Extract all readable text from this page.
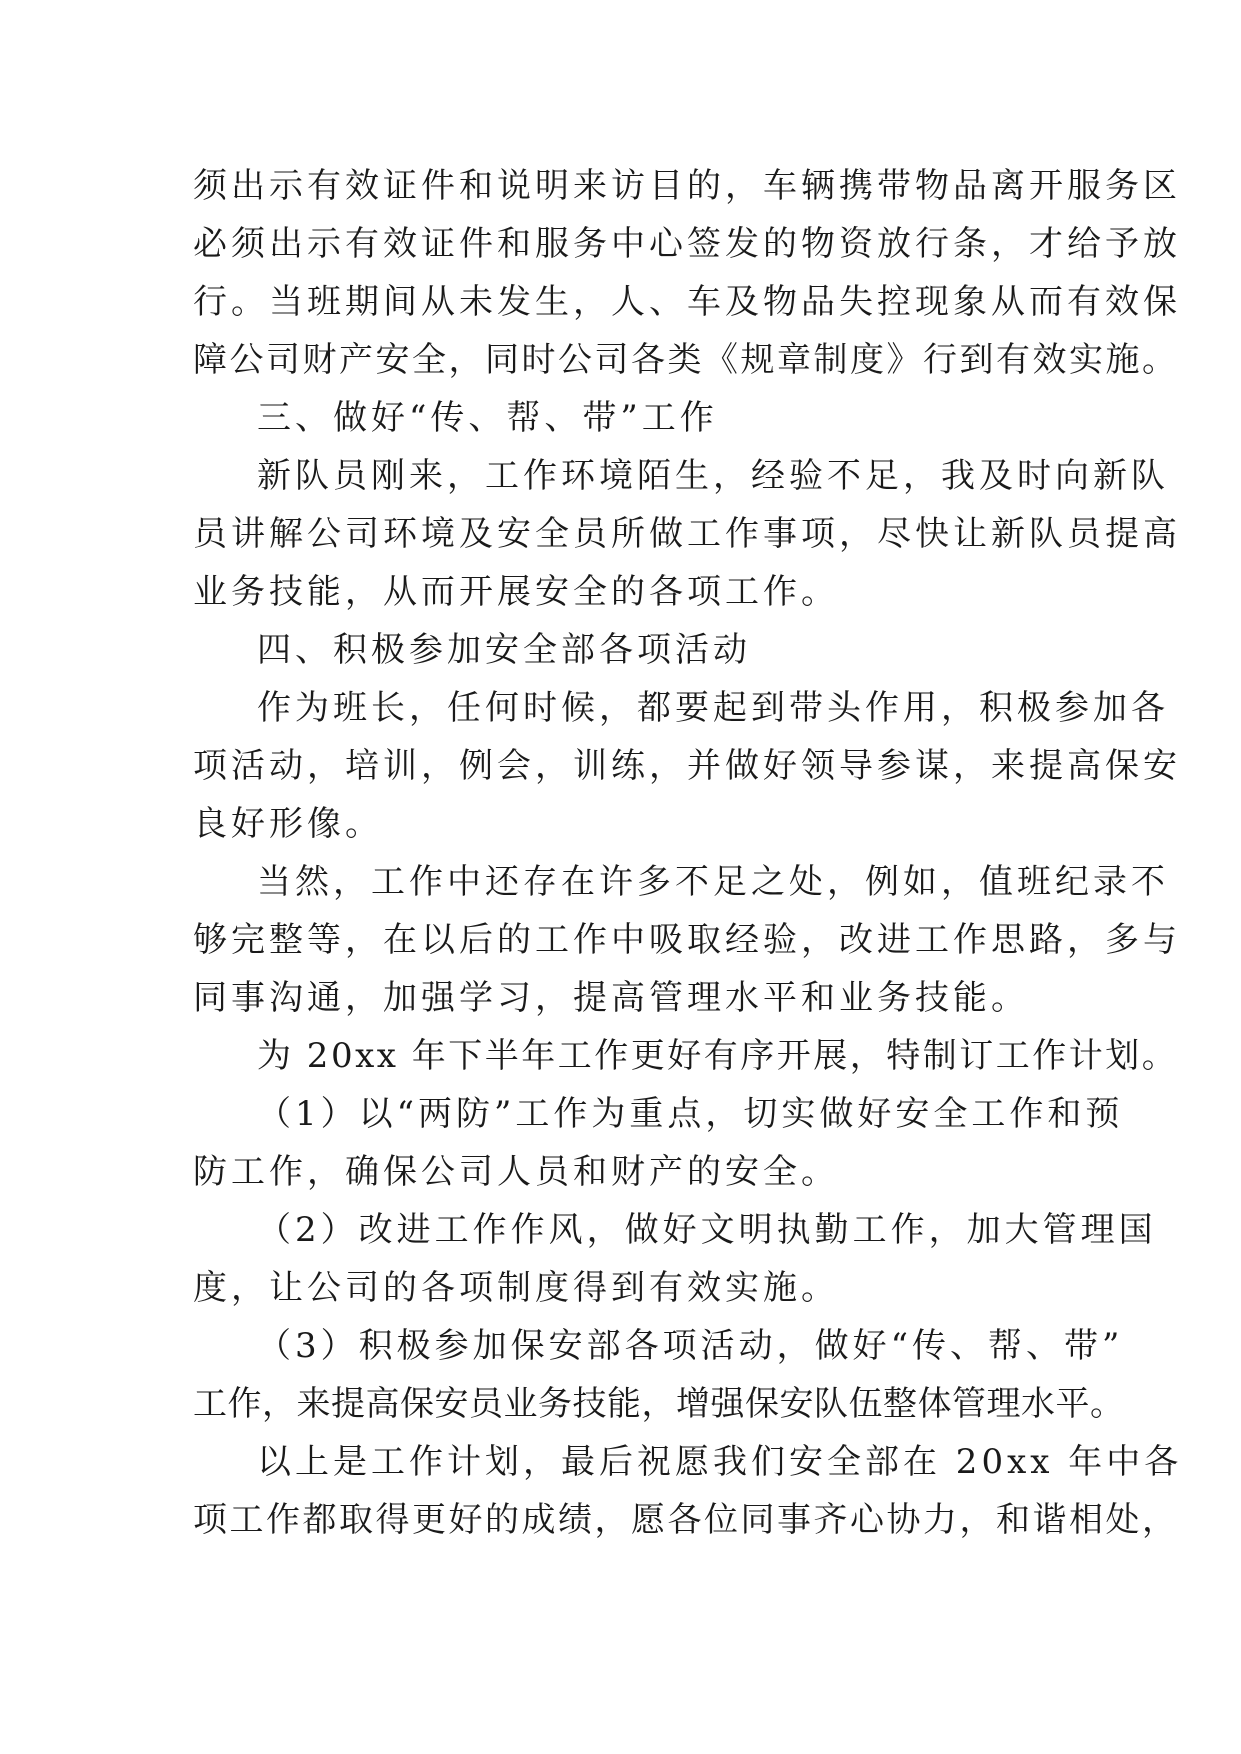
须出示有效证件和说明来访目的，车辆携带物品离开服务区
必须出示有效证件和服务中心签发的物资放行条，才给予放
行。当班期间从未发生，人、车及物品失控现象从而有效保
障公司财产安全，同时公司各类《规章制度》行到有效实施。
三、做好“传、帮、带”工作
新队员刚来，工作环境陌生，经验不足，我及时向新队
员讲解公司环境及安全员所做工作事项，尽快让新队员提高
业务技能，从而开展安全的各项工作。
四、积极参加安全部各项活动
作为班长，任何时候，都要起到带头作用，积极参加各
项活动，培训，例会，训练，并做好领导参谋，来提高保安
良好形像。
当然，工作中还存在许多不足之处，例如，值班纪录不
够完整等，在以后的工作中吸取经验，改进工作思路，多与
同事沟通，加强学习，提高管理水平和业务技能。
为 20xx 年下半年工作更好有序开展，特制订工作计划。
（1）以“两防”工作为重点，切实做好安全工作和预
防工作，确保公司人员和财产的安全。
（2）改进工作作风，做好文明执勤工作，加大管理国
度，让公司的各项制度得到有效实施。
（3）积极参加保安部各项活动，做好“传、帮、带”
工作，来提高保安员业务技能，增强保安队伍整体管理水平。
以上是工作计划，最后祝愿我们安全部在 20xx 年中各
项工作都取得更好的成绩，愿各位同事齐心协力，和谐相处，
